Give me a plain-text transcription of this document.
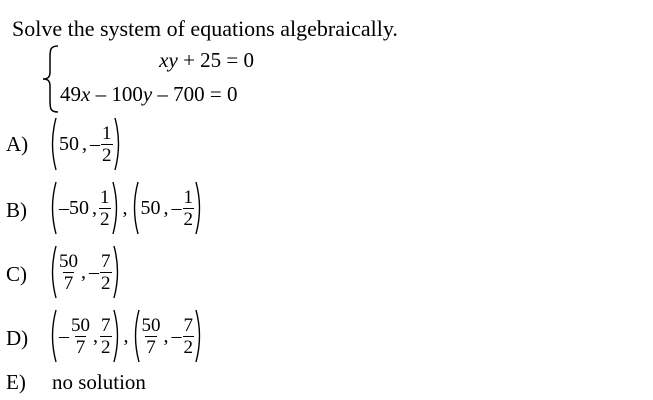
Solve the system of equations algebraically.
xy + 25 = 0
49x – 100y – 700 = 0
A) 50 , – $\frac{1}{2}$
B) –50 , $\frac{1}{2}$ , 50 , – $\frac{1}{2}$
$C) \frac{50}{7}$ , – $\frac{7}{2}$
$D) - \frac{50}{7}$ , $\frac{7}{2}$ , $\frac{50}{7}$ , – $\frac{7}{2}$
E) no solution
